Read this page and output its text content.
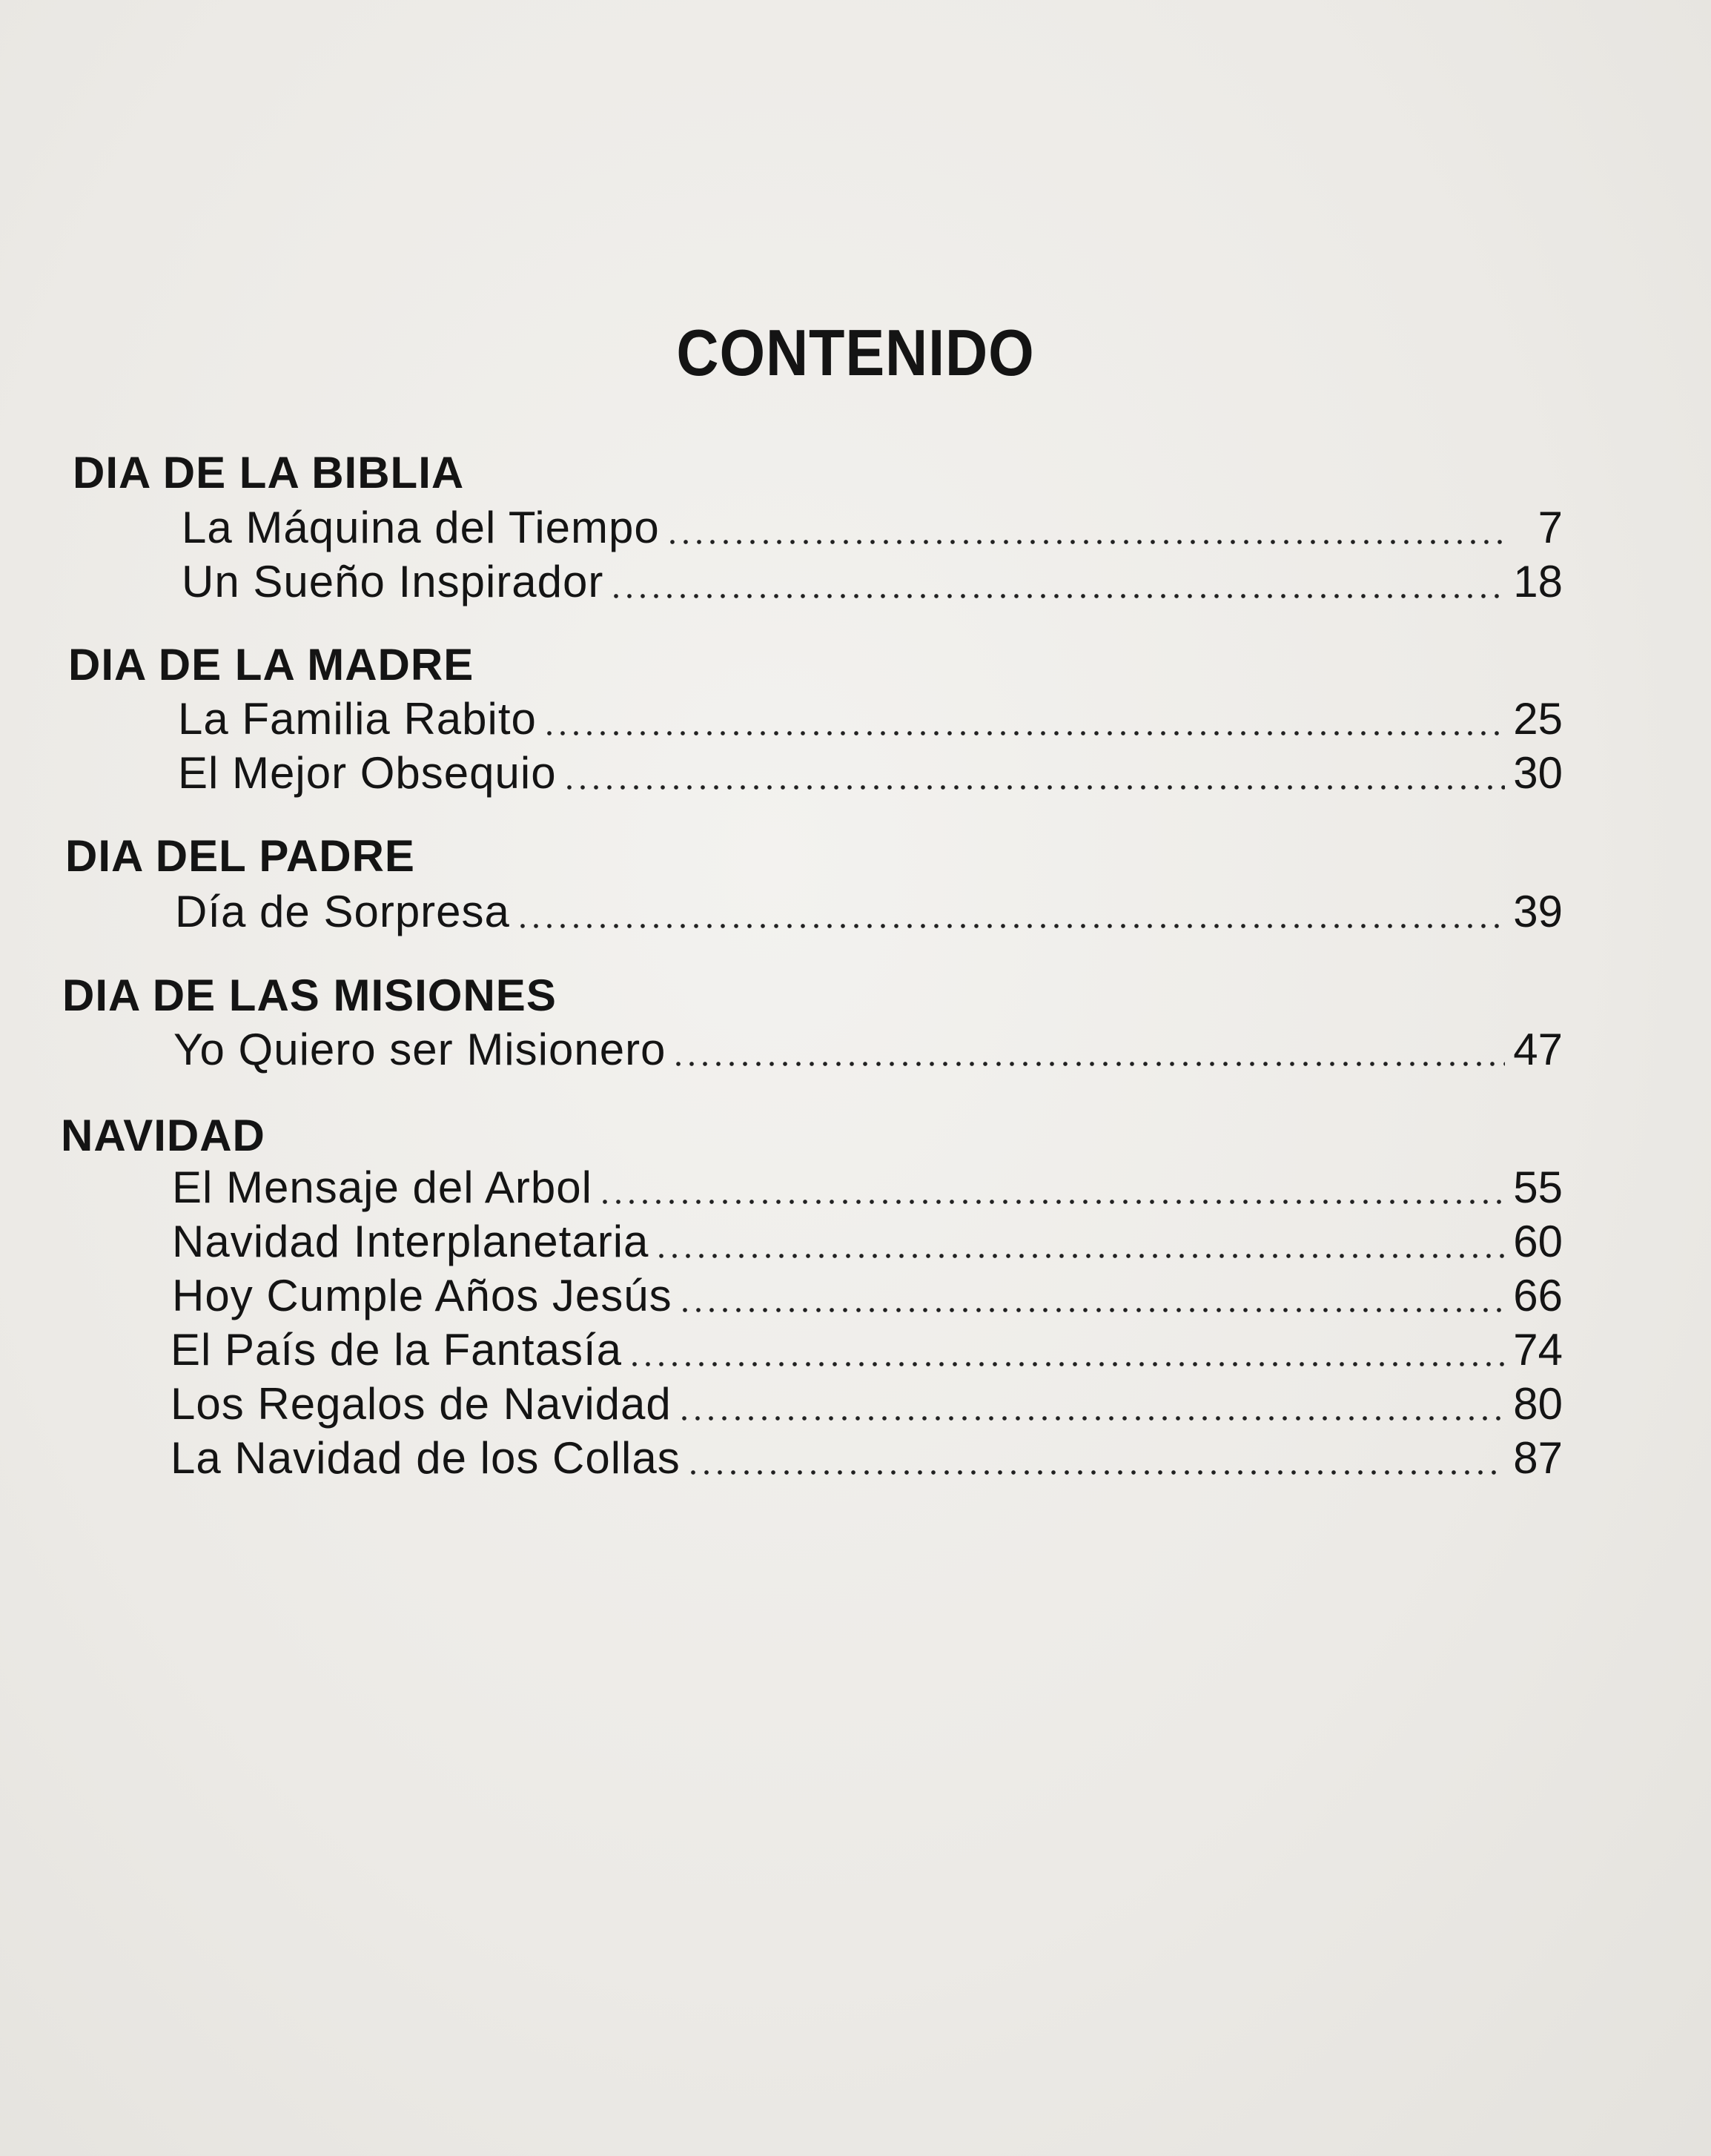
CONTENIDO
DIA DE LA BIBLIA
La Máquina del Tiempo	7
Un Sueño Inspirador	18
DIA DE LA MADRE
La Familia Rabito	25
El Mejor Obsequio	30
DIA DEL PADRE
Día de Sorpresa	39
DIA DE LAS MISIONES
Yo Quiero ser Misionero	47
NAVIDAD
El Mensaje del Arbol	55
Navidad Interplanetaria	60
Hoy Cumple Años Jesús	66
El País de la Fantasía	74
Los Regalos de Navidad	80
La Navidad de los Collas	87
